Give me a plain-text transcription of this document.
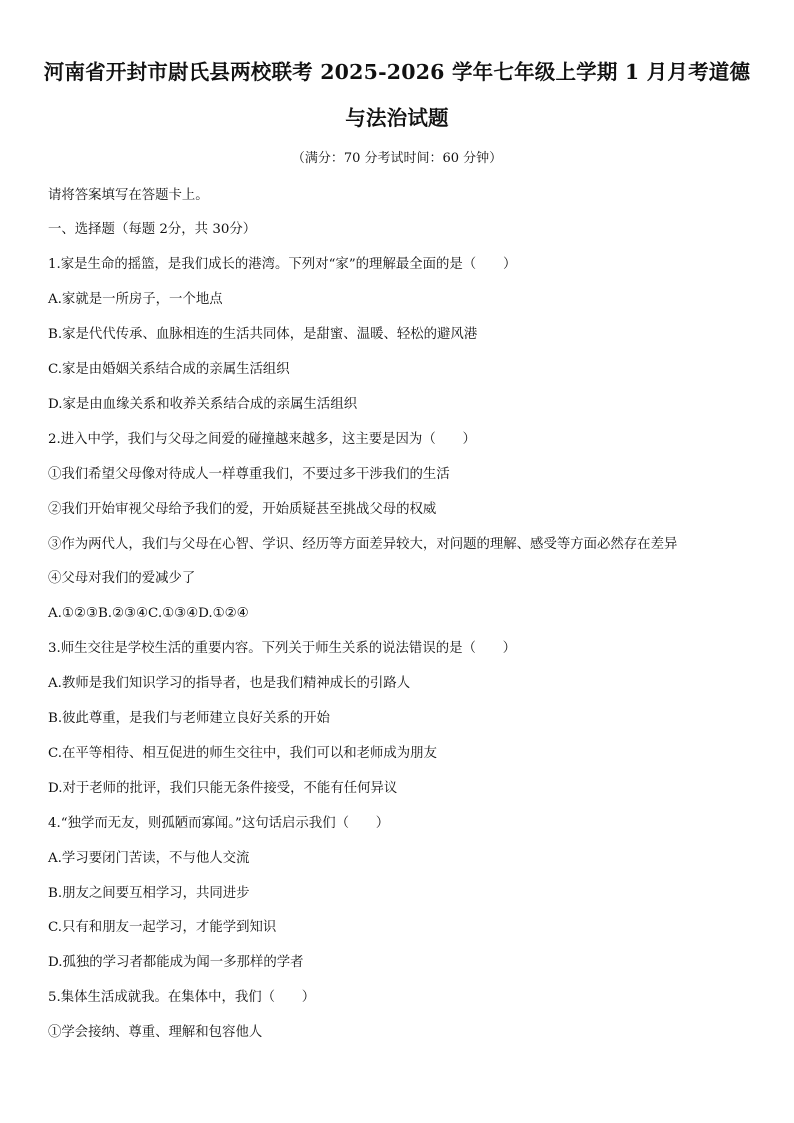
河南省开封市尉氏县两校联考 2025-2026 学年七年级上学期 1 月月考道德
与法治试题
（满分：70 分考试时间：60 分钟）
请将答案填写在答题卡上。
一、选择题（每题 2分，共 30分）
1.家是生命的摇篮，是我们成长的港湾。下列对“家”的理解最全面的是（　　）
A.家就是一所房子，一个地点
B.家是代代传承、血脉相连的生活共同体，是甜蜜、温暖、轻松的避风港
C.家是由婚姻关系结合成的亲属生活组织
D.家是由血缘关系和收养关系结合成的亲属生活组织
2.进入中学，我们与父母之间爱的碰撞越来越多，这主要是因为（　　）
①我们希望父母像对待成人一样尊重我们，不要过多干涉我们的生活
②我们开始审视父母给予我们的爱，开始质疑甚至挑战父母的权威
③作为两代人，我们与父母在心智、学识、经历等方面差异较大，对问题的理解、感受等方面必然存在差异
④父母对我们的爱减少了
A.①②③B.②③④C.①③④D.①②④
3.师生交往是学校生活的重要内容。下列关于师生关系的说法错误的是（　　）
A.教师是我们知识学习的指导者，也是我们精神成长的引路人
B.彼此尊重，是我们与老师建立良好关系的开始
C.在平等相待、相互促进的师生交往中，我们可以和老师成为朋友
D.对于老师的批评，我们只能无条件接受，不能有任何异议
4.“独学而无友，则孤陋而寡闻。”这句话启示我们（　　）
A.学习要闭门苦读，不与他人交流
B.朋友之间要互相学习，共同进步
C.只有和朋友一起学习，才能学到知识
D.孤独的学习者都能成为闻一多那样的学者
5.集体生活成就我。在集体中，我们（　　）
①学会接纳、尊重、理解和包容他人
